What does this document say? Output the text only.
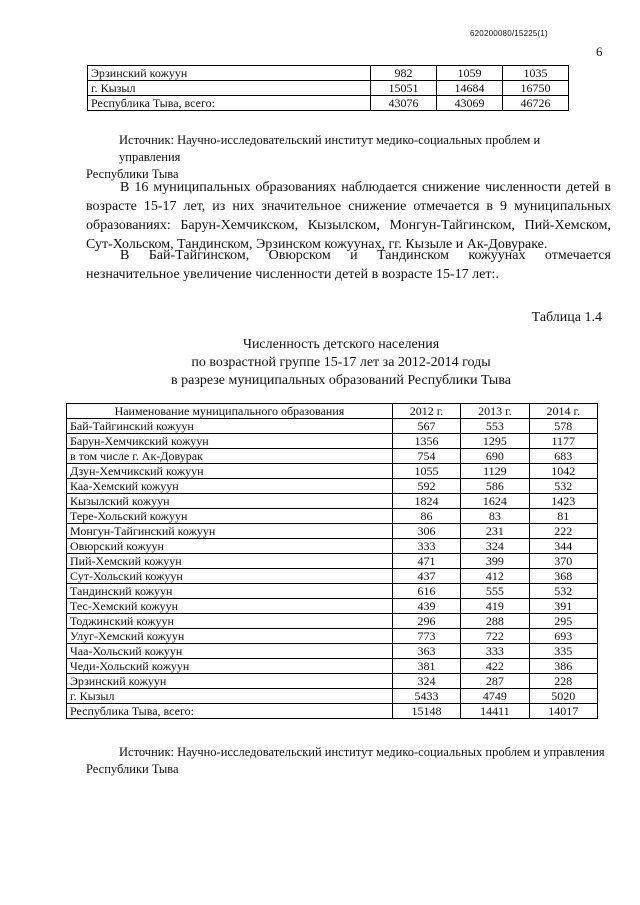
620200080/15225(1)
6
Эрзинский кожуун	982	1059	1035
г. Кызыл	15051	14684	16750
Республика Тыва, всего:	43076	43069	46726
Источник: Научно-исследовательский институт медико-социальных проблем и управления
Республики Тыва
В 16 муниципальных образованиях наблюдается снижение численности детей в возрасте 15-17 лет, из них значительное снижение отмечается в 9 муниципальных образованиях: Барун-Хемчикском, Кызылском, Монгун-Тайгинском, Пий-Хемском, Сут-Хольском, Тандинском, Эрзинском кожуунах, гг. Кызыле и Ак-Довураке.
В Бай-Тайгинском, Овюрском и Тандинском кожуунах отмечается незначительное увеличение численности детей в возрасте 15-17 лет:.
Таблица 1.4
Численность детского населения
по возрастной группе 15-17 лет за 2012-2014 годы
в разрезе муниципальных образований Республики Тыва
Наименование муниципального образования	2012 г.	2013 г.	2014 г.
Бай-Тайгинский кожуун	567	553	578
Барун-Хемчикский кожуун	1356	1295	1177
в том числе г. Ак-Довурак	754	690	683
Дзун-Хемчикский кожуун	1055	1129	1042
Каа-Хемский кожуун	592	586	532
Кызылский кожуун	1824	1624	1423
Тере-Хольский кожуун	86	83	81
Монгун-Тайгинский кожуун	306	231	222
Овюрский кожуун	333	324	344
Пий-Хемский кожуун	471	399	370
Сут-Хольский кожуун	437	412	368
Тандинский кожуун	616	555	532
Тес-Хемский кожуун	439	419	391
Тоджинский кожуун	296	288	295
Улуг-Хемский кожуун	773	722	693
Чаа-Хольский кожуун	363	333	335
Чеди-Хольский кожуун	381	422	386
Эрзинский кожуун	324	287	228
г. Кызыл	5433	4749	5020
Республика Тыва, всего:	15148	14411	14017
Источник: Научно-исследовательский институт медико-социальных проблем и управления
Республики Тыва
